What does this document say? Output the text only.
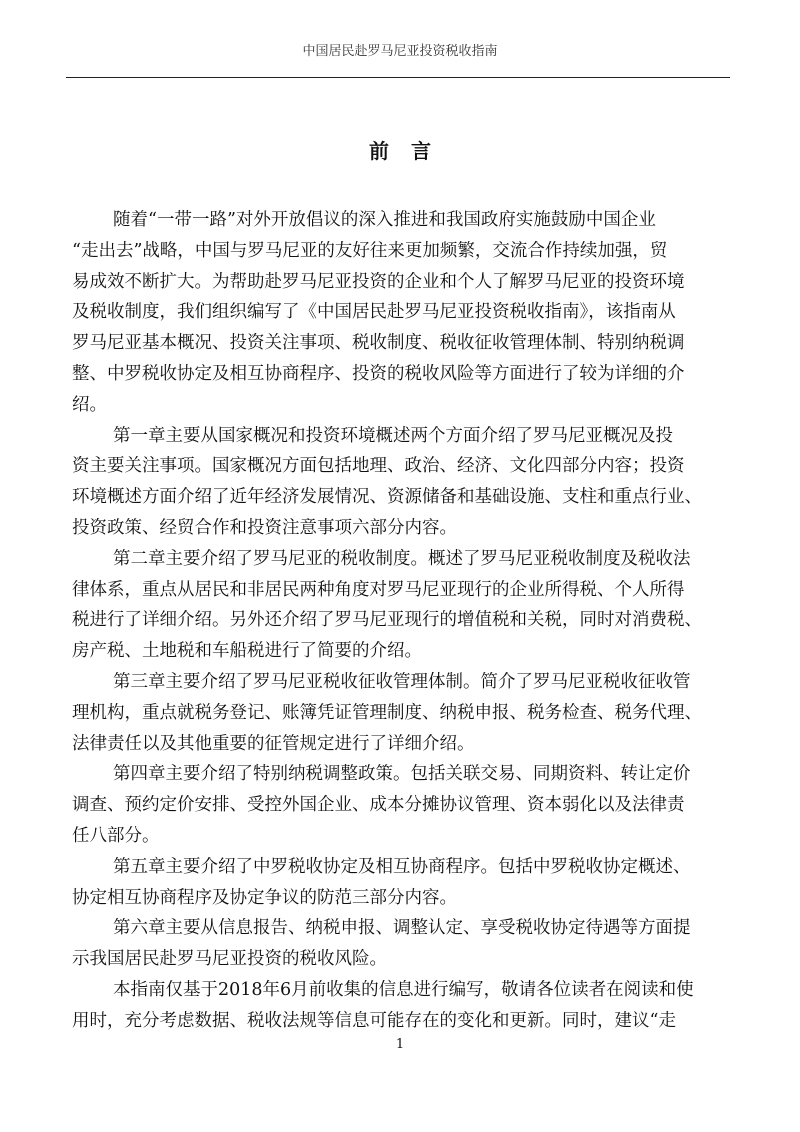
中国居民赴罗马尼亚投资税收指南
前言

随着“一带一路”对外开放倡议的深入推进和我国政府实施鼓励中国企业
“走出去”战略，中国与罗马尼亚的友好往来更加频繁，交流合作持续加强，贸
易成效不断扩大。为帮助赴罗马尼亚投资的企业和个人了解罗马尼亚的投资环境
及税收制度，我们组织编写了《中国居民赴罗马尼亚投资税收指南》，该指南从
罗马尼亚基本概况、投资关注事项、税收制度、税收征收管理体制、特别纳税调
整、中罗税收协定及相互协商程序、投资的税收风险等方面进行了较为详细的介
绍。

第一章主要从国家概况和投资环境概述两个方面介绍了罗马尼亚概况及投
资主要关注事项。国家概况方面包括地理、政治、经济、文化四部分内容；投资
环境概述方面介绍了近年经济发展情况、资源储备和基础设施、支柱和重点行业、
投资政策、经贸合作和投资注意事项六部分内容。

第二章主要介绍了罗马尼亚的税收制度。概述了罗马尼亚税收制度及税收法
律体系，重点从居民和非居民两种角度对罗马尼亚现行的企业所得税、个人所得
税进行了详细介绍。另外还介绍了罗马尼亚现行的增值税和关税，同时对消费税、
房产税、土地税和车船税进行了简要的介绍。

第三章主要介绍了罗马尼亚税收征收管理体制。简介了罗马尼亚税收征收管
理机构，重点就税务登记、账簿凭证管理制度、纳税申报、税务检查、税务代理、
法律责任以及其他重要的征管规定进行了详细介绍。

第四章主要介绍了特别纳税调整政策。包括关联交易、同期资料、转让定价
调查、预约定价安排、受控外国企业、成本分摊协议管理、资本弱化以及法律责
任八部分。

第五章主要介绍了中罗税收协定及相互协商程序。包括中罗税收协定概述、
协定相互协商程序及协定争议的防范三部分内容。

第六章主要从信息报告、纳税申报、调整认定、享受税收协定待遇等方面提
示我国居民赴罗马尼亚投资的税收风险。

本指南仅基于2018年6月前收集的信息进行编写，敬请各位读者在阅读和使
用时，充分考虑数据、税收法规等信息可能存在的变化和更新。同时，建议“走

1
